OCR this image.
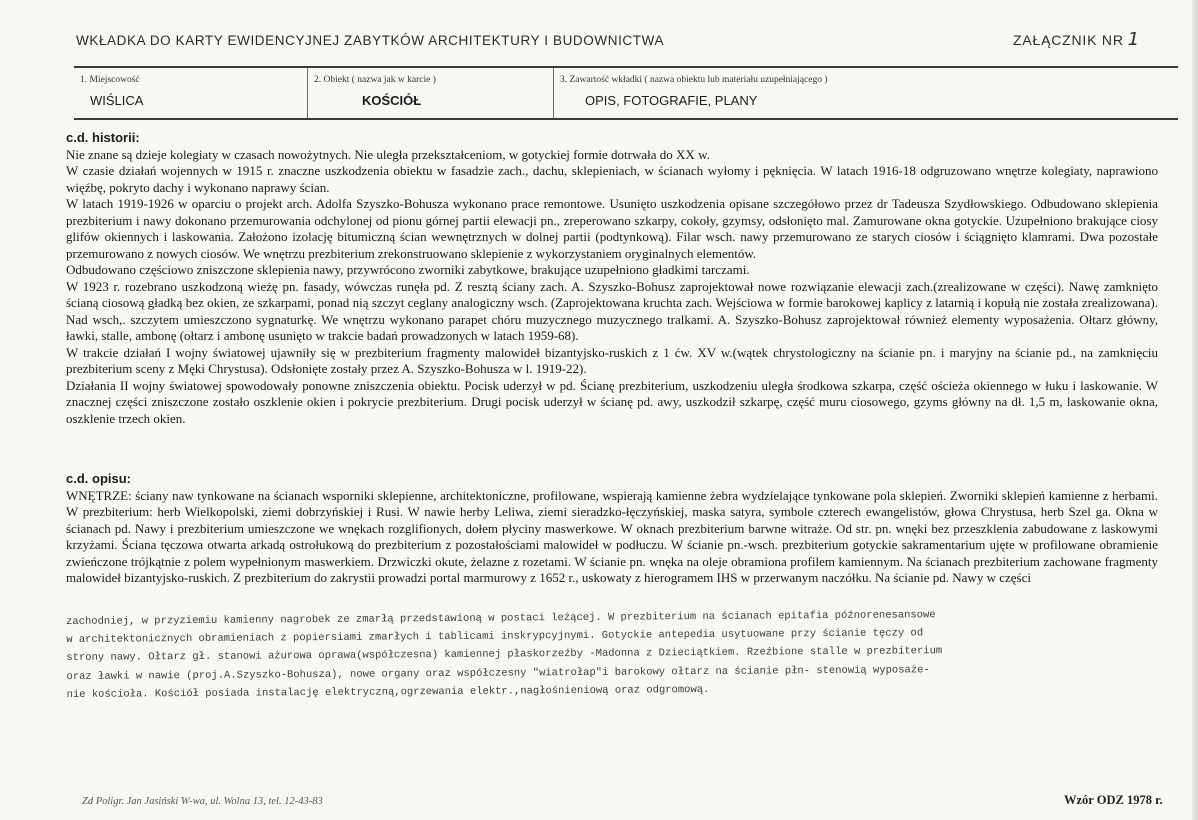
WKŁADKA DO KARTY EWIDENCYJNEJ ZABYTKÓW ARCHITEKTURY I BUDOWNICTWA	ZAŁĄCZNIK NR 1
1. Miejscowość
WIŚLICA
2. Obiekt ( nazwa jak w karcie )
KOŚCIÓŁ
3. Zawartość wkładki ( nazwa obiektu lub materiału uzupełniającego )
OPIS, FOTOGRAFIE, PLANY
c.d. historii:

Nie znane są dzieje kolegiaty w czasach nowożytnych. Nie uległa przekształceniom, w gotyckiej formie dotrwała do XX w.

W czasie działań wojennych w 1915 r. znaczne uszkodzenia obiektu w fasadzie zach., dachu, sklepieniach, w ścianach wyłomy i pęknięcia. W latach 1916-18 odgruzowano wnętrze kolegiaty, naprawiono więźbę, pokryto dachy i wykonano naprawy ścian.

W latach 1919-1926 w oparciu o projekt arch. Adolfa Szyszko-Bohusza wykonano prace remontowe. Usunięto uszkodzenia opisane szczegółowo przez dr Tadeusza Szydłowskiego. Odbudowano sklepienia prezbiterium i nawy dokonano przemurowania odchylonej od pionu górnej partii elewacji pn., zreperowano szkarpy, cokoły, gzymsy, odsłonięto mal. Zamurowane okna gotyckie. Uzupełniono brakujące ciosy glifów okiennych i laskowania. Założono izolację bitumiczną ścian wewnętrznych w dolnej partii (podtynkową). Filar wsch. nawy przemurowano ze starych ciosów i ściągnięto klamrami. Dwa pozostałe przemurowano z nowych ciosów. We wnętrzu prezbiterium zrekonstruowano sklepienie z wykorzystaniem oryginalnych elementów.

Odbudowano częściowo zniszczone sklepienia nawy, przywrócono zworniki zabytkowe, brakujące uzupełniono gładkimi tarczami.

W 1923 r. rozebrano uszkodzoną wieżę pn. fasady, wówczas runęła pd. Z resztą ściany zach. A. Szyszko-Bohusz zaprojektował nowe rozwiązanie elewacji zach.(zrealizowane w części). Nawę zamknięto ścianą ciosową gładką bez okien, ze szkarpami, ponad nią szczyt ceglany analogiczny wsch. (Zaprojektowana kruchta zach. Wejściowa w formie barokowej kaplicy z latarnią i kopułą nie została zrealizowana). Nad wsch,. szczytem umieszczono sygnaturkę. We wnętrzu wykonano parapet chóru muzycznego muzycznego tralkami. A. Szyszko-Bohusz zaprojektował również elementy wyposażenia. Ołtarz główny, ławki, stalle, ambonę (ołtarz i ambonę usunięto w trakcie badań prowadzonych w latach 1959-68).

W trakcie działań I wojny światowej ujawniły się w prezbiterium fragmenty malowideł bizantyjsko-ruskich z 1 ćw. XV w.(wątek chrystologiczny na ścianie pn. i maryjny na ścianie pd., na zamknięciu prezbiterium sceny z Męki Chrystusa). Odsłonięte zostały przez A. Szyszko-Bohusza w l. 1919-22).

Działania II wojny światowej spowodowały ponowne zniszczenia obiektu. Pocisk uderzył w pd. Ścianę prezbiterium, uszkodzeniu uległa środkowa szkarpa, część ościeża okiennego w łuku i laskowanie. W znacznej części zniszczone zostało oszklenie okien i pokrycie prezbiterium. Drugi pocisk uderzył w ścianę pd. awy, uszkodził szkarpę, część muru ciosowego, gzyms główny na dł. 1,5 m, laskowanie okna, oszklenie trzech okien.

c.d. opisu:

WNĘTRZE: ściany naw tynkowane na ścianach wsporniki sklepienne, architektoniczne, profilowane, wspierają kamienne żebra wydzielające tynkowane pola sklepień. Zworniki sklepień kamienne z herbami. W prezbiterium: herb Wielkopolski, ziemi dobrzyńskiej i Rusi. W nawie herby Leliwa, ziemi sieradzko-łęczyńskiej, maska satyra, symbole czterech ewangelistów, głowa Chrystusa, herb Szel ga. Okna w ścianach pd. Nawy i prezbiterium umieszczone we wnękach rozglifionych, dołem płyciny maswerkowe. W oknach prezbiterium barwne witraże. Od str. pn. wnęki bez przeszklenia zabudowane z laskowymi krzyżami. Ściana tęczowa otwarta arkadą ostrołukową do prezbiterium z pozostałościami malowideł w podłuczu. W ścianie pn.-wsch. prezbiterium gotyckie sakramentarium ujęte w profilowane obramienie zwieńczone trójkątnie z polem wypełnionym maswerkiem. Drzwiczki okute, żelazne z rozetami. W ścianie pn. wnęka na oleje obramiona profilem kamiennym. Na ścianach prezbiterium zachowane fragmenty malowideł bizantyjsko-ruskich. Z prezbiterium do zakrystii prowadzi portal marmurowy z 1652 r., uskowaty z hierogramem IHS w przerwanym naczółku. Na ścianie pd. Nawy w części

zachodniej, w przyziemiu kamienny nagrobek ze zmarłą przedstawioną w postaci leżącej. W prezbiterium na ścianach epitafia późnorenesansowe
w architektonicznych obramieniach z popiersiami zmarłych i tablicami inskrypcyjnymi. Gotyckie antepedia usytuowane przy ścianie tęczy od
strony nawy. Ołtarz gł. stanowi ażurowa oprawa(współczesna) kamiennej płaskorzeźby -Madonna z Dzieciątkiem. Rzeźbione stalle w prezbiterium
oraz ławki w nawie (proj.A.Szyszko-Bohusza), nowe organy oraz współczesny "wiatrołap"i barokowy ołtarz na ścianie płn- stenowią wyposaże-
nie kościoła. Kościół posiada instalację elektryczną,ogrzewania elektr.,nagłośnieniową oraz odgromową.
Zd Poligr. Jan Jasiński W-wa, ul. Wolna 13, tel. 12-43-83	Wzór ODZ 1978 r.
